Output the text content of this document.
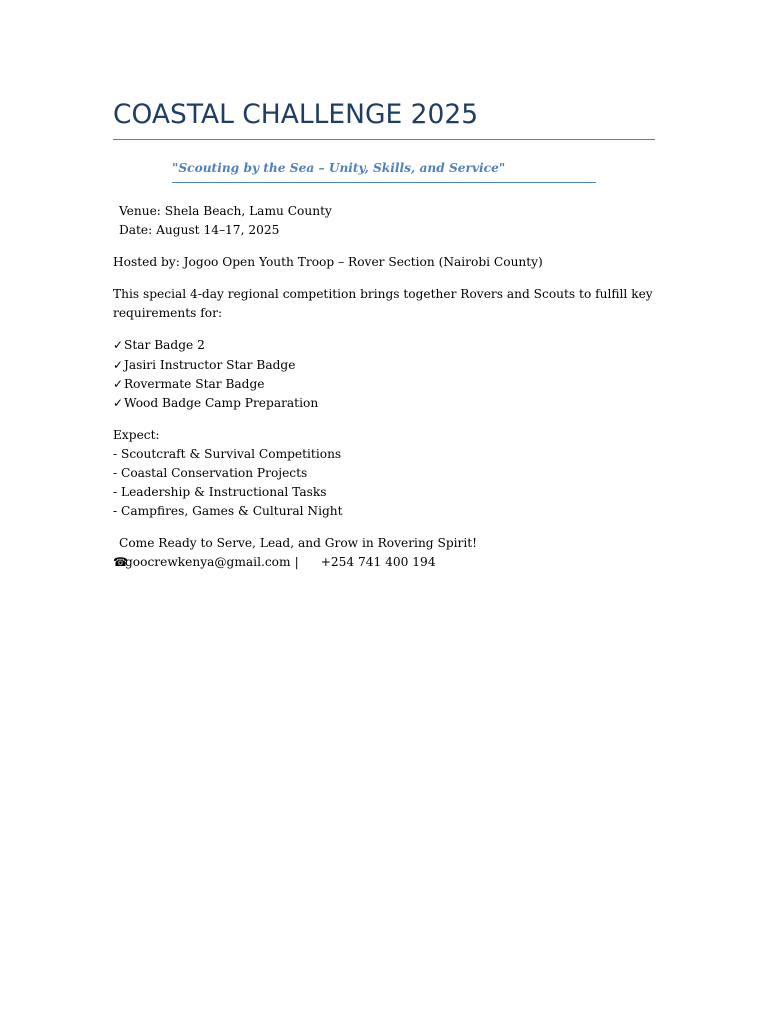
COASTAL CHALLENGE 2025
"Scouting by the Sea – Unity, Skills, and Service"
Venue: Shela Beach, Lamu County
Date: August 14–17, 2025
Hosted by: Jogoo Open Youth Troop – Rover Section (Nairobi County)
This special 4-day regional competition brings together Rovers and Scouts to fulfill key requirements for:
✓Star Badge 2
✓Jasiri Instructor Star Badge
✓Rovermate Star Badge
✓Wood Badge Camp Preparation
Expect:
- Scoutcraft & Survival Competitions
- Coastal Conservation Projects
- Leadership & Instructional Tasks
- Campfires, Games & Cultural Night
Come Ready to Serve, Lead, and Grow in Rovering Spirit!
☎goocrewkenya@gmail.com | +254 741 400 194
